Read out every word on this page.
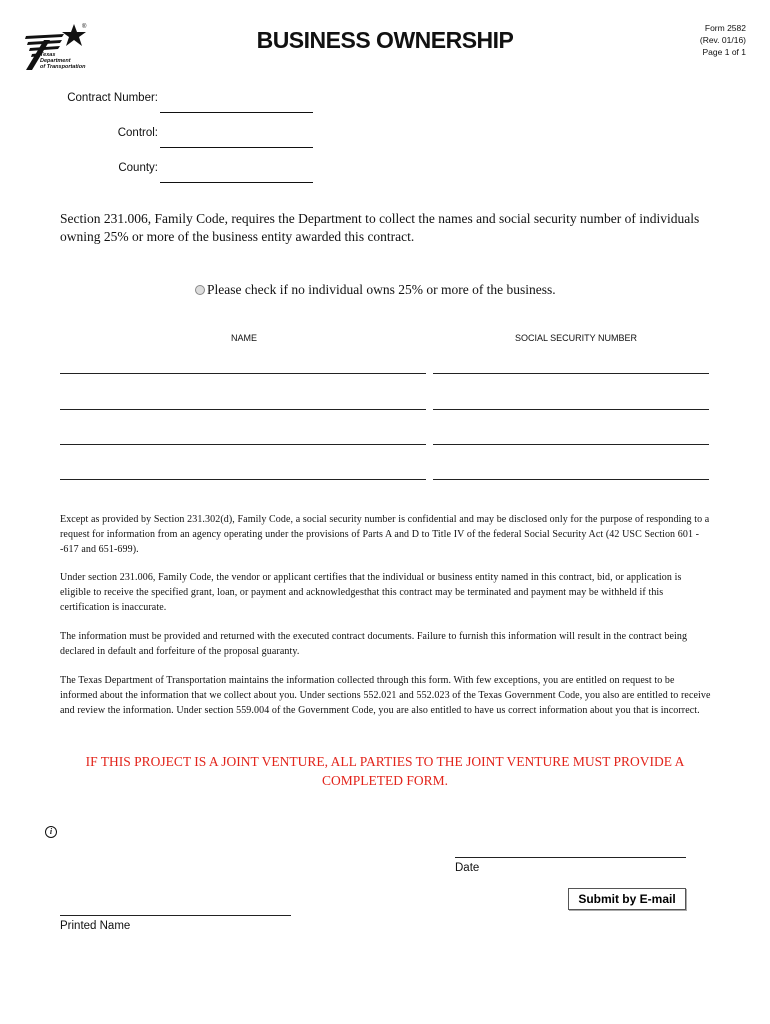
Texas
Department
of Transportation
®	BUSINESS OWNERSHIP	Form 2582
(Rev. 01/16)
Page 1 of 1
Contract Number:
Control:
County:
Section 231.006, Family Code, requires the Department to collect the names and social security number of individuals owning 25% or more of the business entity awarded this contract.
Please check if no individual owns 25% or more of the business.
NAME	SOCIAL SECURITY NUMBER
Except as provided by Section 231.302(d), Family Code, a social security number is confidential and may be disclosed only for the purpose of responding to a request for information from an agency operating under the provisions of Parts A and D to Title IV of the federal Social Security Act (42 USC Section 601 --617 and 651-699).
Under section 231.006, Family Code, the vendor or applicant certifies that the individual or business entity named in this contract, bid, or application is eligible to receive the specified grant, loan, or payment and acknowledgesthat this contract may be terminated and payment may be withheld if this certification is inaccurate.
The information must be provided and returned with the executed contract documents. Failure to furnish this information will result in the contract being declared in default and forfeiture of the proposal guaranty.
The Texas Department of Transportation maintains the information collected through this form. With few exceptions, you are entitled on request to be informed about the information that we collect about you. Under sections 552.021 and 552.023 of the Texas Government Code, you also are entitled to receive and review the information. Under section 559.004 of the Government Code, you are also entitled to have us correct information about you that is incorrect.
IF THIS PROJECT IS A JOINT VENTURE, ALL PARTIES TO THE JOINT VENTURE MUST PROVIDE A COMPLETED FORM.
i
Date
Submit by E-mail
Printed Name
